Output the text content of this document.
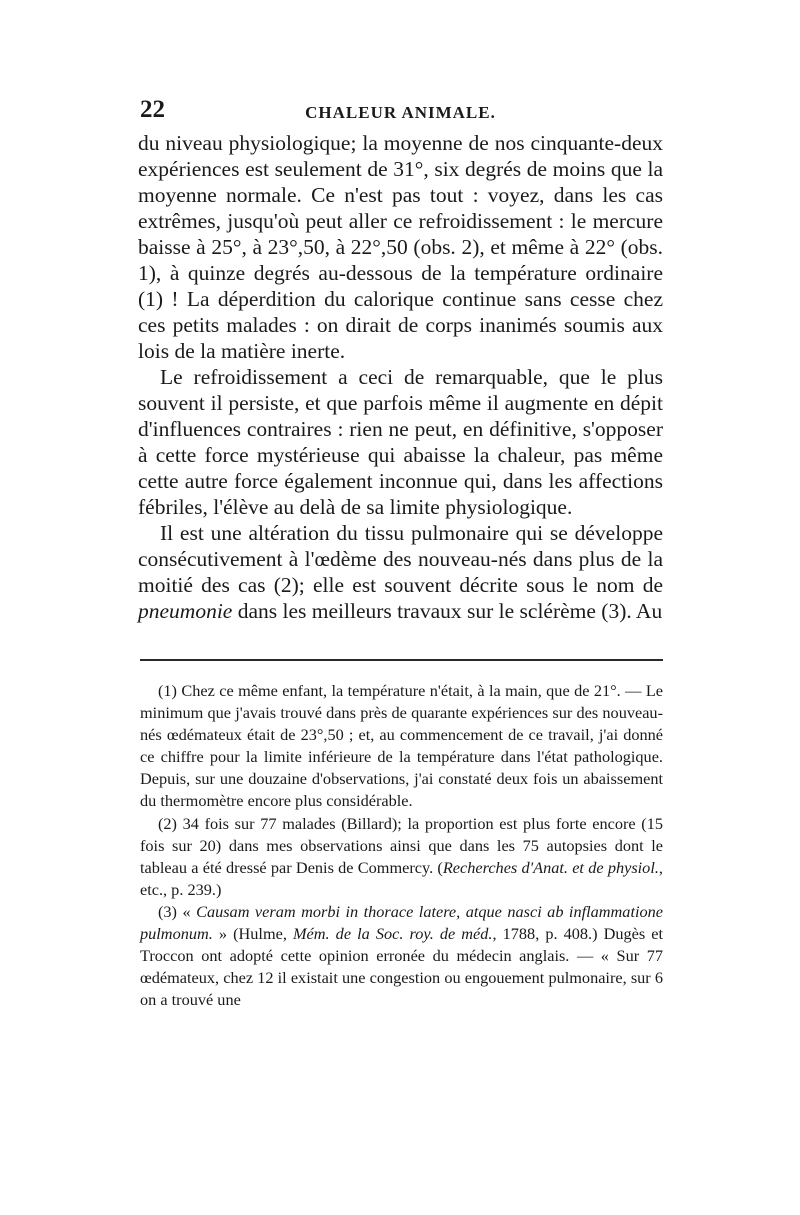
22	CHALEUR ANIMALE.

du niveau physiologique; la moyenne de nos cinquante-deux expériences est seulement de 31°, six degrés de moins que la moyenne normale. Ce n'est pas tout : voyez, dans les cas extrêmes, jusqu'où peut aller ce refroidissement : le mercure baisse à 25°, à 23°,50, à 22°,50 (obs. 2), et même à 22° (obs. 1), à quinze degrés au-dessous de la température ordinaire (1) ! La déperdition du calorique continue sans cesse chez ces petits malades : on dirait de corps inanimés soumis aux lois de la matière inerte.

Le refroidissement a ceci de remarquable, que le plus souvent il persiste, et que parfois même il augmente en dépit d'influences contraires : rien ne peut, en définitive, s'opposer à cette force mystérieuse qui abaisse la chaleur, pas même cette autre force également inconnue qui, dans les affections fébriles, l'élève au delà de sa limite physiologique.

Il est une altération du tissu pulmonaire qui se développe consécutivement à l'œdème des nouveau-nés dans plus de la moitié des cas (2); elle est souvent décrite sous le nom de pneumonie dans les meilleurs travaux sur le sclérème (3). Au

(1) Chez ce même enfant, la température n'était, à la main, que de 21°. — Le minimum que j'avais trouvé dans près de quarante expériences sur des nouveau-nés œdémateux était de 23°,50 ; et, au commencement de ce travail, j'ai donné ce chiffre pour la limite inférieure de la température dans l'état pathologique. Depuis, sur une douzaine d'observations, j'ai constaté deux fois un abaissement du thermomètre encore plus considérable.

(2) 34 fois sur 77 malades (Billard); la proportion est plus forte encore (15 fois sur 20) dans mes observations ainsi que dans les 75 autopsies dont le tableau a été dressé par Denis de Commercy. (Recherches d'Anat. et de physiol., etc., p. 239.)

(3) « Causam veram morbi in thorace latere, atque nasci ab inflammatione pulmonum. » (Hulme, Mém. de la Soc. roy. de méd., 1788, p. 408.) Dugès et Troccon ont adopté cette opinion erronée du médecin anglais. — « Sur 77 œdémateux, chez 12 il existait une congestion ou engouement pulmonaire, sur 6 on a trouvé une
